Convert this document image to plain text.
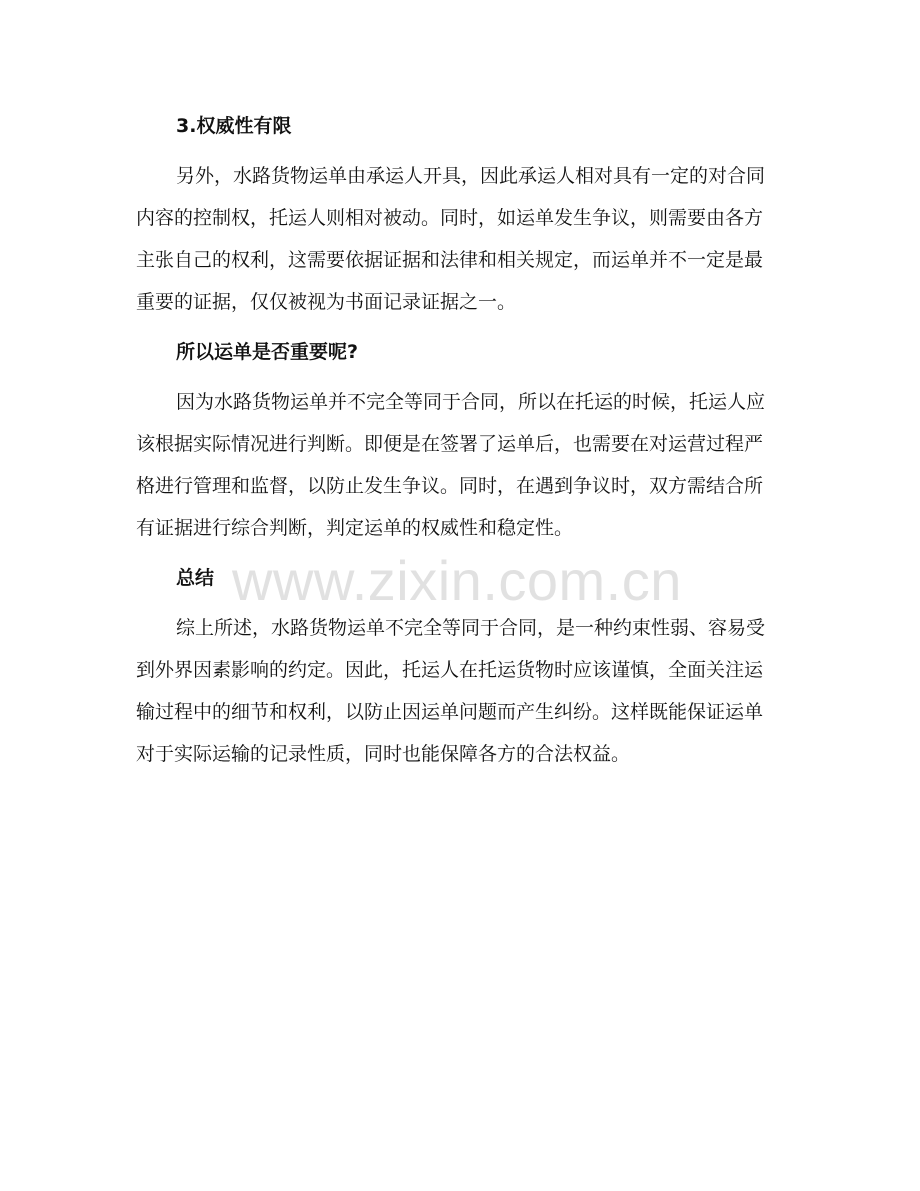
3.权威性有限

另外，水路货物运单由承运人开具，因此承运人相对具有一定的对合同内容的控制权，托运人则相对被动。同时，如运单发生争议，则需要由各方主张自己的权利，这需要依据证据和法律和相关规定，而运单并不一定是最重要的证据，仅仅被视为书面记录证据之一。

所以运单是否重要呢?

因为水路货物运单并不完全等同于合同，所以在托运的时候，托运人应该根据实际情况进行判断。即便是在签署了运单后，也需要在对运营过程严格进行管理和监督，以防止发生争议。同时，在遇到争议时，双方需结合所有证据进行综合判断，判定运单的权威性和稳定性。

总结

综上所述，水路货物运单不完全等同于合同，是一种约束性弱、容易受到外界因素影响的约定。因此，托运人在托运货物时应该谨慎，全面关注运输过程中的细节和权利，以防止因运单问题而产生纠纷。这样既能保证运单对于实际运输的记录性质，同时也能保障各方的合法权益。

www.zixin.com.cn
